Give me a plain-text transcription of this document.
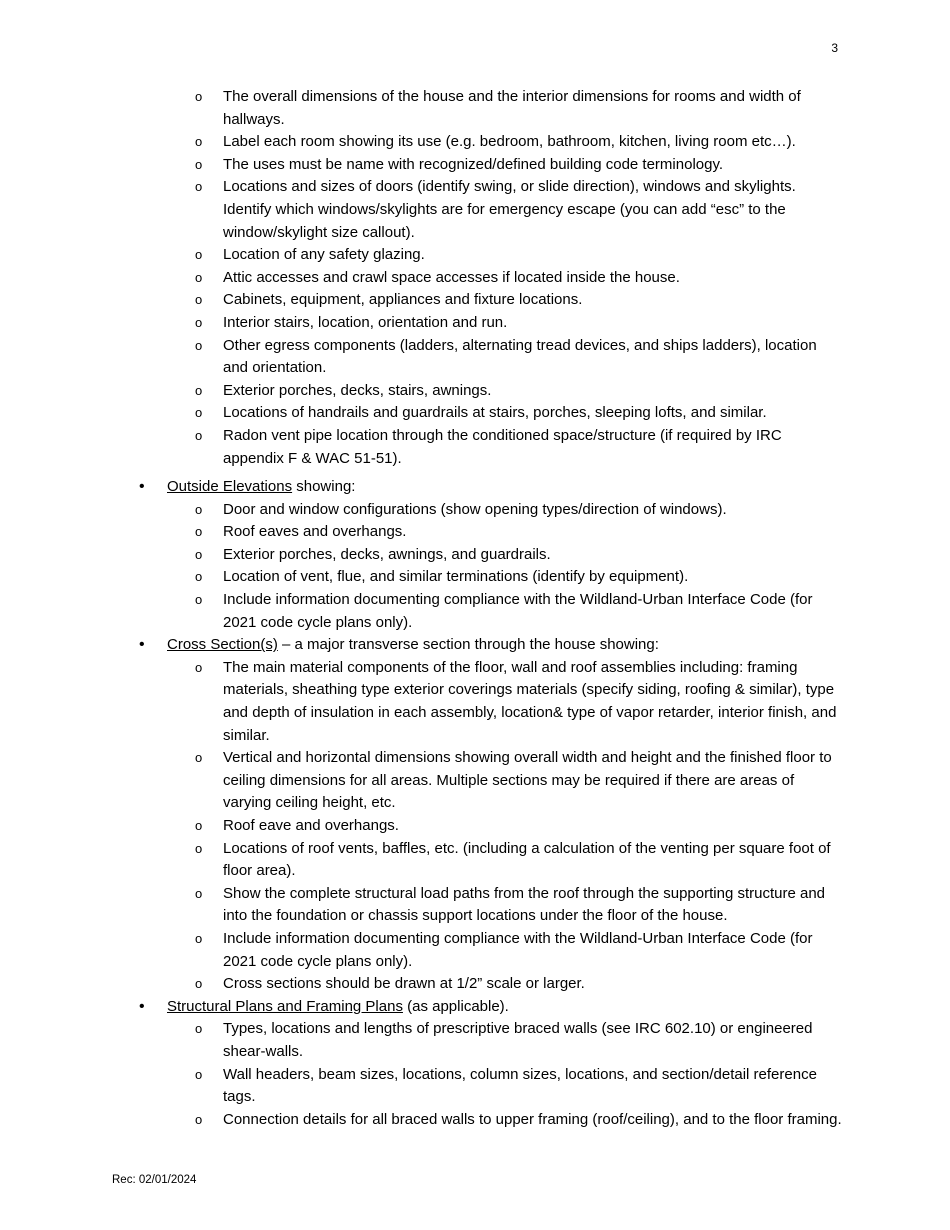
3
o The overall dimensions of the house and the interior dimensions for rooms and width of hallways.
o Label each room showing its use (e.g. bedroom, bathroom, kitchen, living room etc…).
o The uses must be name with recognized/defined building code terminology.
o Locations and sizes of doors (identify swing, or slide direction), windows and skylights. Identify which windows/skylights are for emergency escape (you can add “esc” to the window/skylight size callout).
o Location of any safety glazing.
o Attic accesses and crawl space accesses if located inside the house.
o Cabinets, equipment, appliances and fixture locations.
o Interior stairs, location, orientation and run.
o Other egress components (ladders, alternating tread devices, and ships ladders), location and orientation.
o Exterior porches, decks, stairs, awnings.
o Locations of handrails and guardrails at stairs, porches, sleeping lofts, and similar.
o Radon vent pipe location through the conditioned space/structure (if required by IRC appendix F & WAC 51-51).
• Outside Elevations showing:
o Door and window configurations (show opening types/direction of windows).
o Roof eaves and overhangs.
o Exterior porches, decks, awnings, and guardrails.
o Location of vent, flue, and similar terminations (identify by equipment).
o Include information documenting compliance with the Wildland-Urban Interface Code (for 2021 code cycle plans only).
• Cross Section(s) – a major transverse section through the house showing:
o The main material components of the floor, wall and roof assemblies including: framing materials, sheathing type exterior coverings materials (specify siding, roofing & similar), type and depth of insulation in each assembly, location& type of vapor retarder, interior finish, and similar.
o Vertical and horizontal dimensions showing overall width and height and the finished floor to ceiling dimensions for all areas. Multiple sections may be required if there are areas of varying ceiling height, etc.
o Roof eave and overhangs.
o Locations of roof vents, baffles, etc. (including a calculation of the venting per square foot of floor area).
o Show the complete structural load paths from the roof through the supporting structure and into the foundation or chassis support locations under the floor of the house.
o Include information documenting compliance with the Wildland-Urban Interface Code (for 2021 code cycle plans only).
o Cross sections should be drawn at 1/2” scale or larger.
• Structural Plans and Framing Plans (as applicable).
o Types, locations and lengths of prescriptive braced walls (see IRC 602.10) or engineered shear-walls.
o Wall headers, beam sizes, locations, column sizes, locations, and section/detail reference tags.
o Connection details for all braced walls to upper framing (roof/ceiling), and to the floor framing.
Rec: 02/01/2024
